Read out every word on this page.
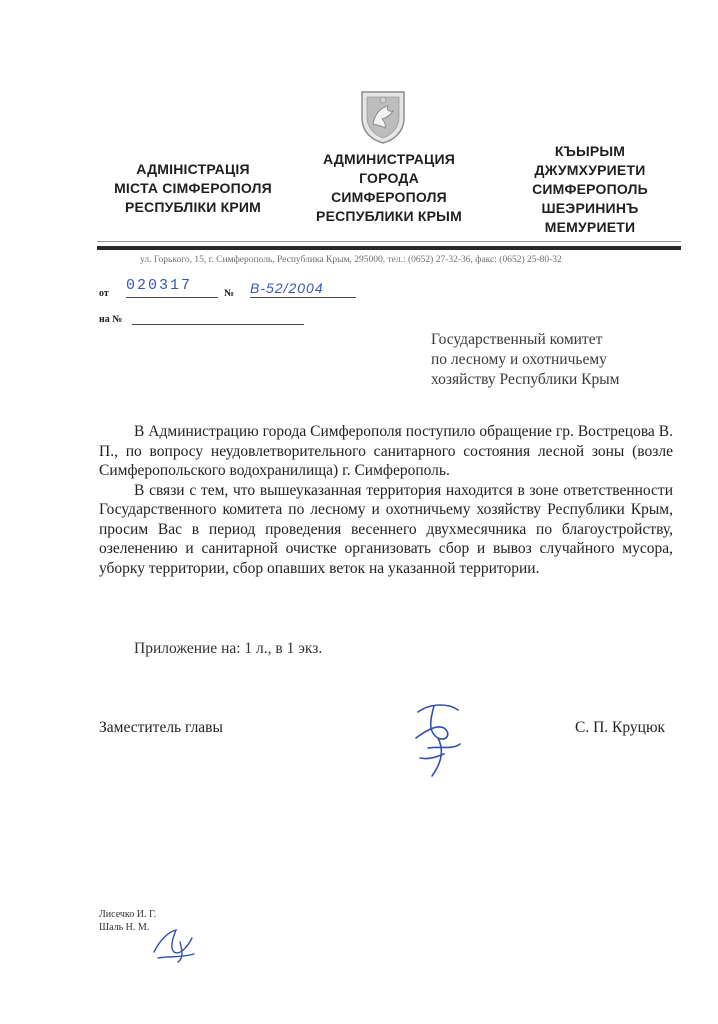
АДМІНІСТРАЦІЯ
МІСТА СІМФЕРОПОЛЯ
РЕСПУБЛІКИ КРИМ
АДМИНИСТРАЦИЯ
ГОРОДА
СИМФЕРОПОЛЯ
РЕСПУБЛИКИ КРЫМ
КЪЫРЫМ
ДЖУМХУРИЕТИ
СИМФЕРОПОЛЬ
ШЕЭРИНИНЪ
МЕМУРИЕТИ
ул. Горького, 15, г. Симферополь, Республика Крым, 295000, тел.: (0652) 27-32-36, факс: (0652) 25-80-32
от 020317	№ В-52/2004
на №
Государственный комитет
по лесному и охотничьему
хозяйству Республики Крым

В Администрацию города Симферополя поступило обращение гр. Вострецова В. П., по вопросу неудовлетворительного санитарного состояния лесной зоны (возле Симферопольского водохранилища) г. Симферополь.

В связи с тем, что вышеуказанная территория находится в зоне ответственности Государственного комитета по лесному и охотничьему хозяйству Республики Крым, просим Вас в период проведения весеннего двухмесячника по благоустройству, озеленению и санитарной очистке организовать сбор и вывоз случайного мусора, уборку территории, сбор опавших веток на указанной территории.

Приложение на: 1 л., в 1 экз.
Заместитель главы	С. П. Круцюк
Лисечко И. Г.
Шаль Н. М.
